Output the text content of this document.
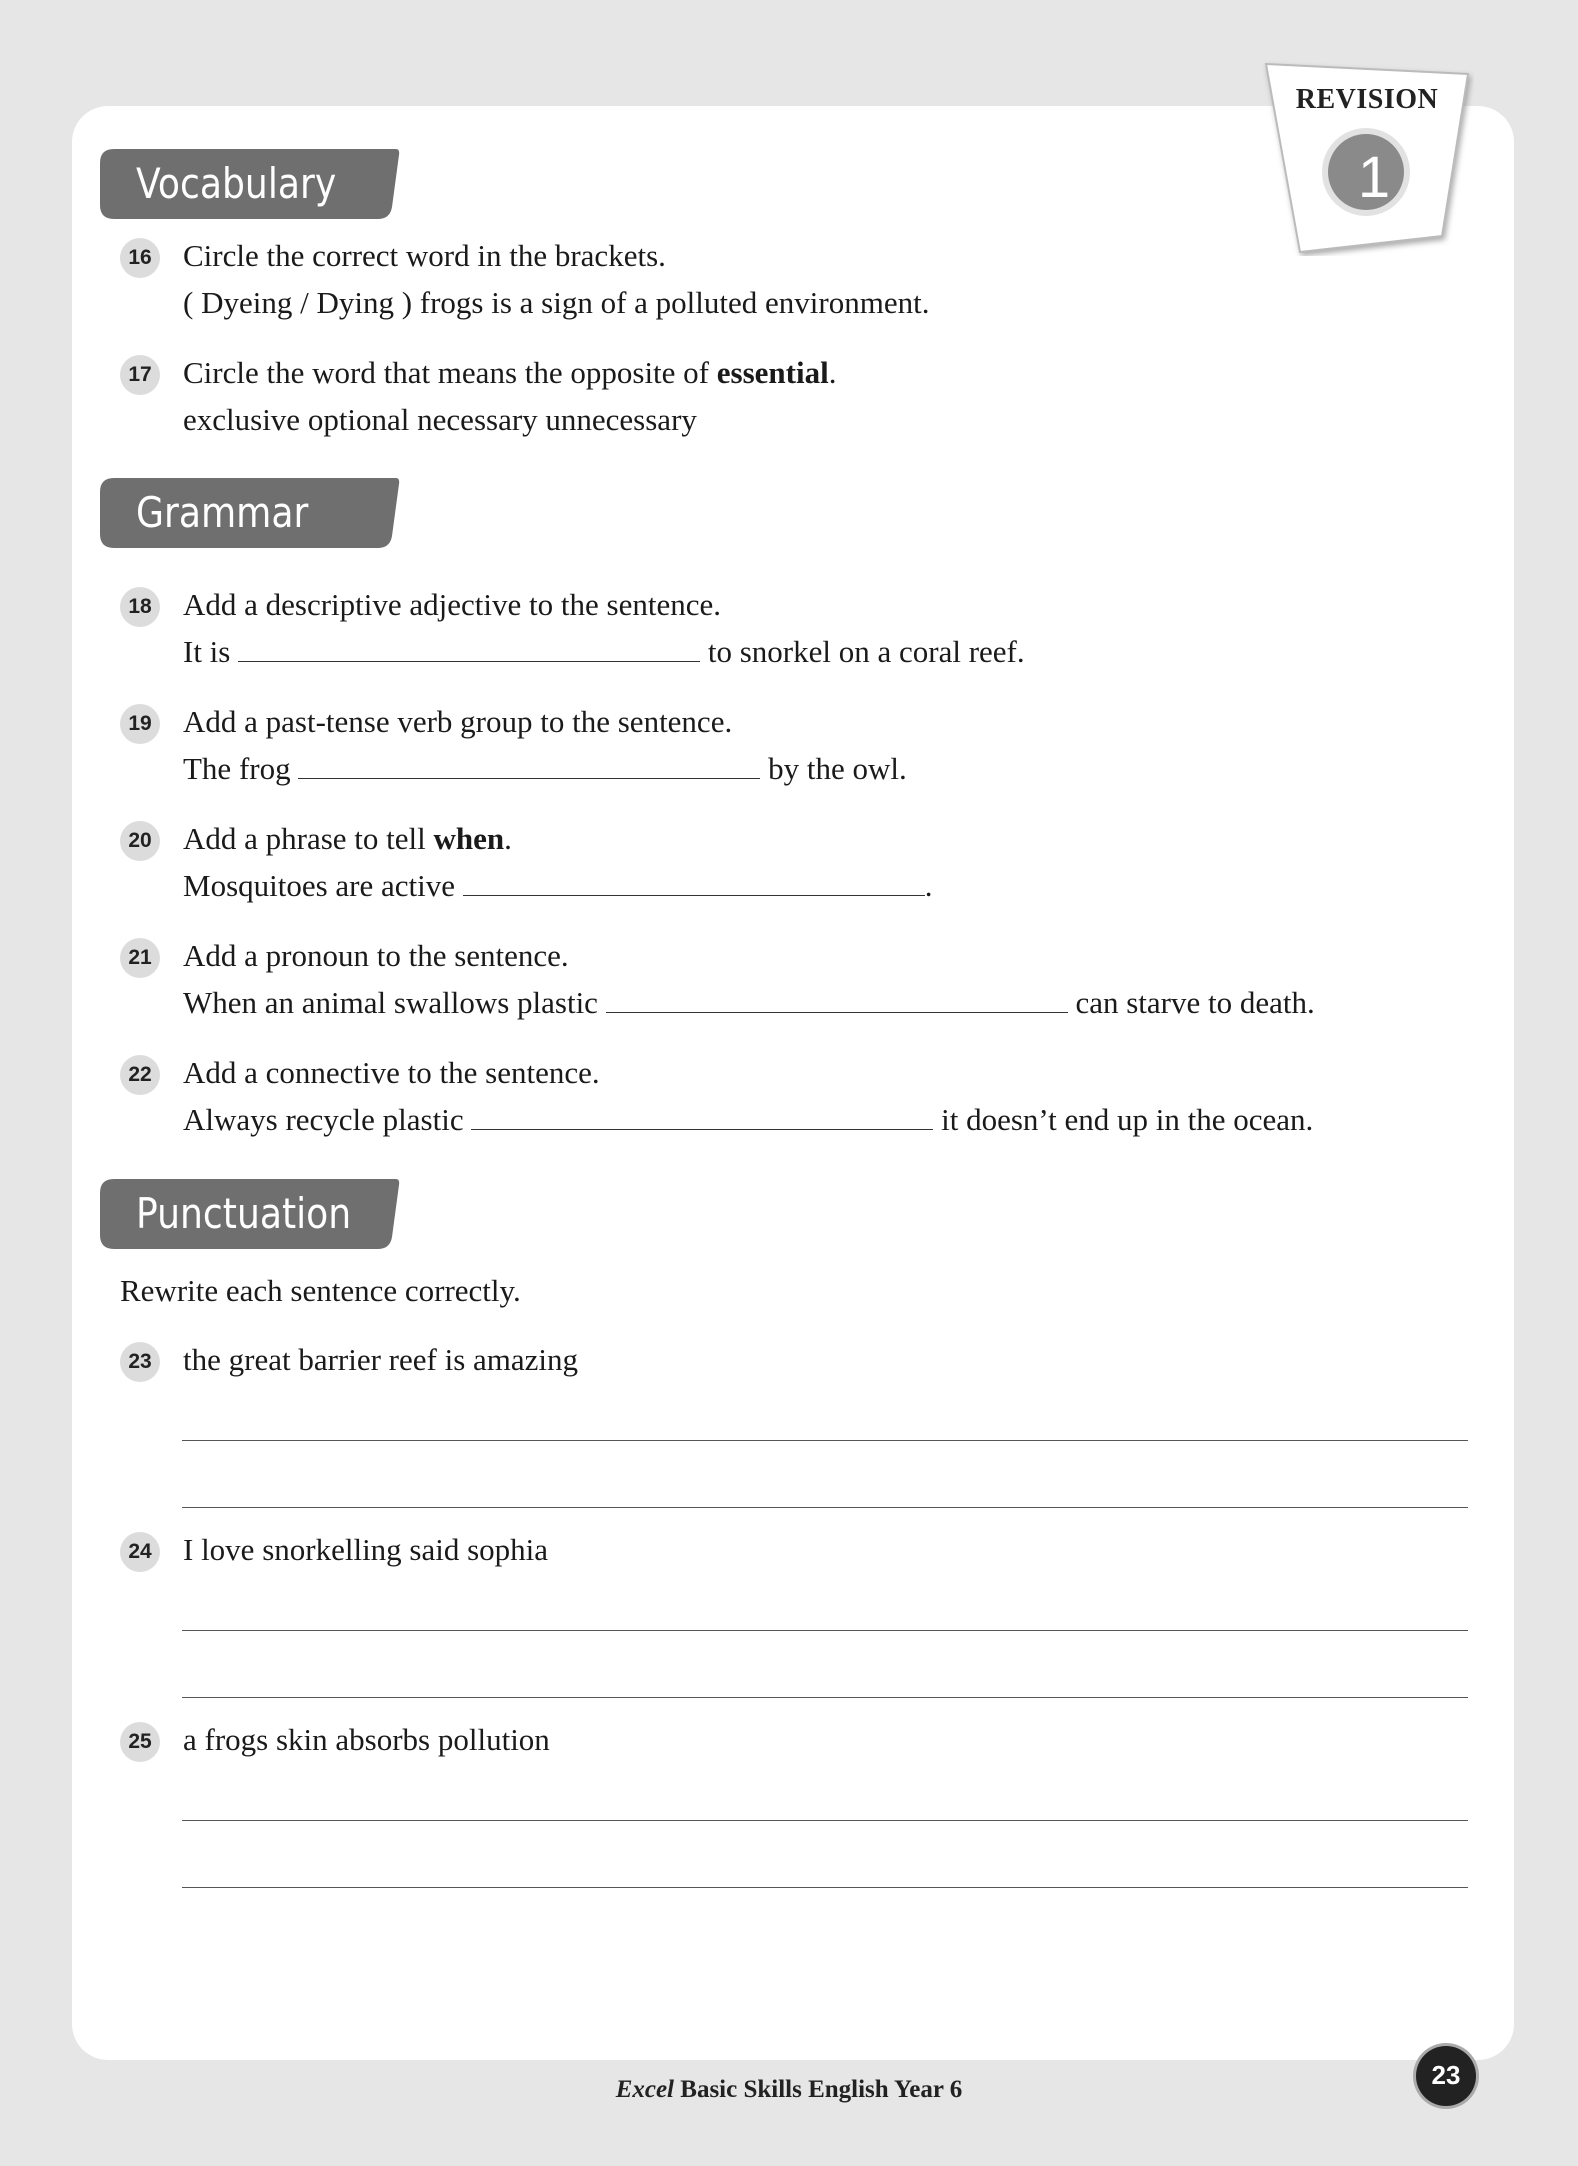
REVISION
1
Vocabulary
16 Circle the correct word in the brackets.
( Dyeing / Dying ) frogs is a sign of a polluted environment.
17 Circle the word that means the opposite of essential.
exclusive optional necessary unnecessary
Grammar
18 Add a descriptive adjective to the sentence.
It is	to snorkel on a coral reef.
19 Add a past-tense verb group to the sentence.
The frog	by the owl.
20 Add a phrase to tell when.
Mosquitoes are active	.
21 Add a pronoun to the sentence.
When an animal swallows plastic	can starve to death.
22 Add a connective to the sentence.
Always recycle plastic	it doesn’t end up in the ocean.
Punctuation
Rewrite each sentence correctly.
23 the great barrier reef is amazing
24 I love snorkelling said sophia
25 a frogs skin absorbs pollution
Excel Basic Skills English Year 6	23
